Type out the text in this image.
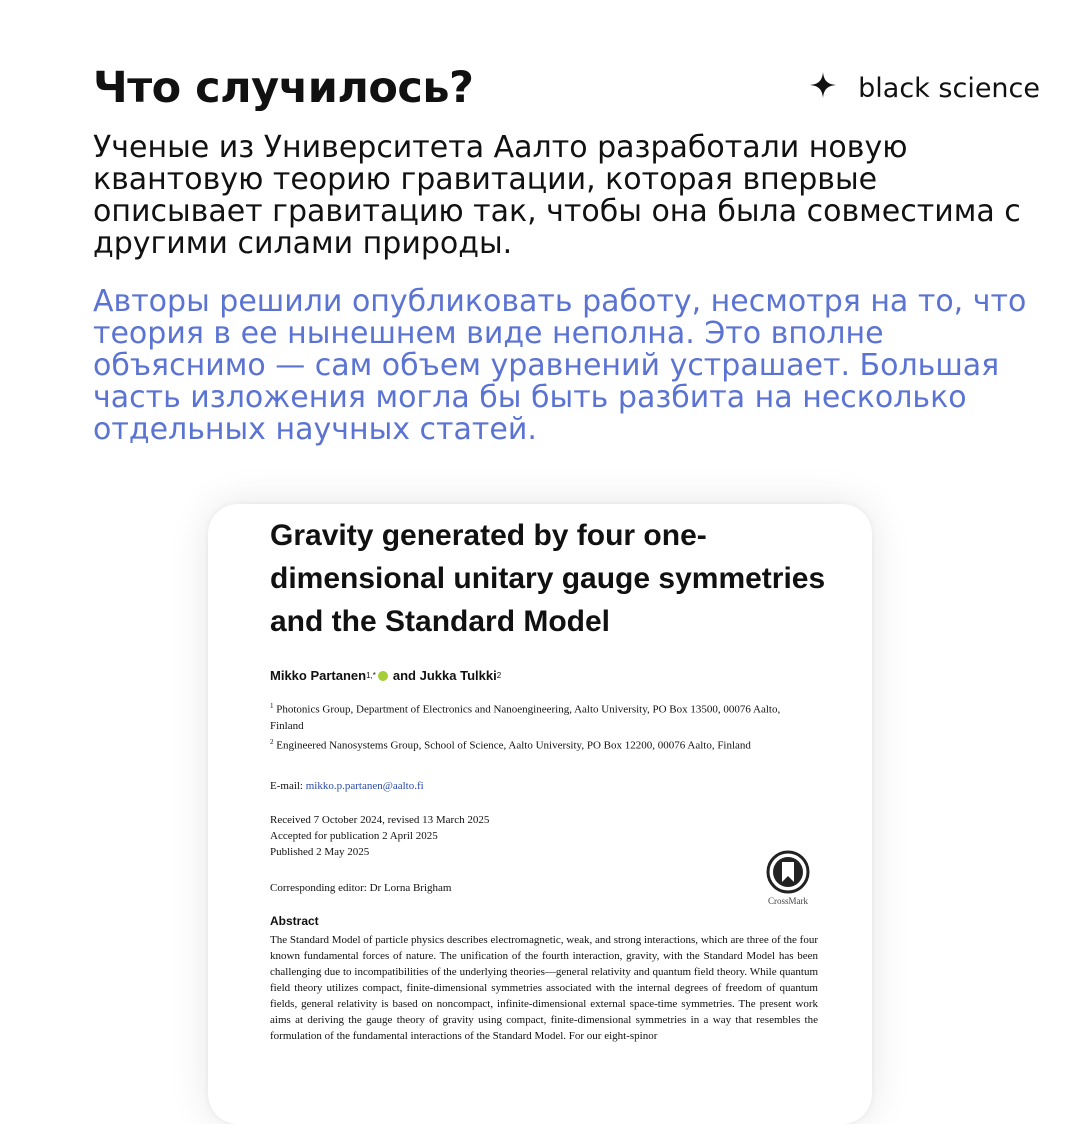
Что случилось?	black science

Ученые из Университета Аалто разработали новую квантовую теорию гравитации, которая впервые описывает гравитацию так, чтобы она была совместима с другими силами природы.

Авторы решили опубликовать работу, несмотря на то, что теория в ее нынешнем виде неполна. Это вполне объяснимо — сам объем уравнений устрашает. Большая часть изложения могла бы быть разбита на несколько отдельных научных статей.

Gravity generated by four one-dimensional unitary gauge symmetries and the Standard Model
Mikko Partanen 1,* and Jukka Tulkki 2

$^1$ Photonics Group, Department of Electronics and Nanoengineering, Aalto University, PO Box 13500, 00076 Aalto, Finland

$^2$ Engineered Nanosystems Group, School of Science, Aalto University, PO Box 12200, 00076 Aalto, Finland

E-mail: mikko.p.partanen@aalto.fi

Received 7 October 2024, revised 13 March 2025

Accepted for publication 2 April 2025

Published 2 May 2025

Corresponding editor: Dr Lorna Brigham

CrossMark

Abstract

The Standard Model of particle physics describes electromagnetic, weak, and strong interactions, which are three of the four known fundamental forces of nature. The unification of the fourth interaction, gravity, with the Standard Model has been challenging due to incompatibilities of the underlying theories—general relativity and quantum field theory. While quantum field theory utilizes compact, finite-dimensional symmetries associated with the internal degrees of freedom of quantum fields, general relativity is based on noncompact, infinite-dimensional external space-time symmetries. The present work aims at deriving the gauge theory of gravity using compact, finite-dimensional symmetries in a way that resembles the formulation of the fundamental interactions of the Standard Model. For our eight-spinor
